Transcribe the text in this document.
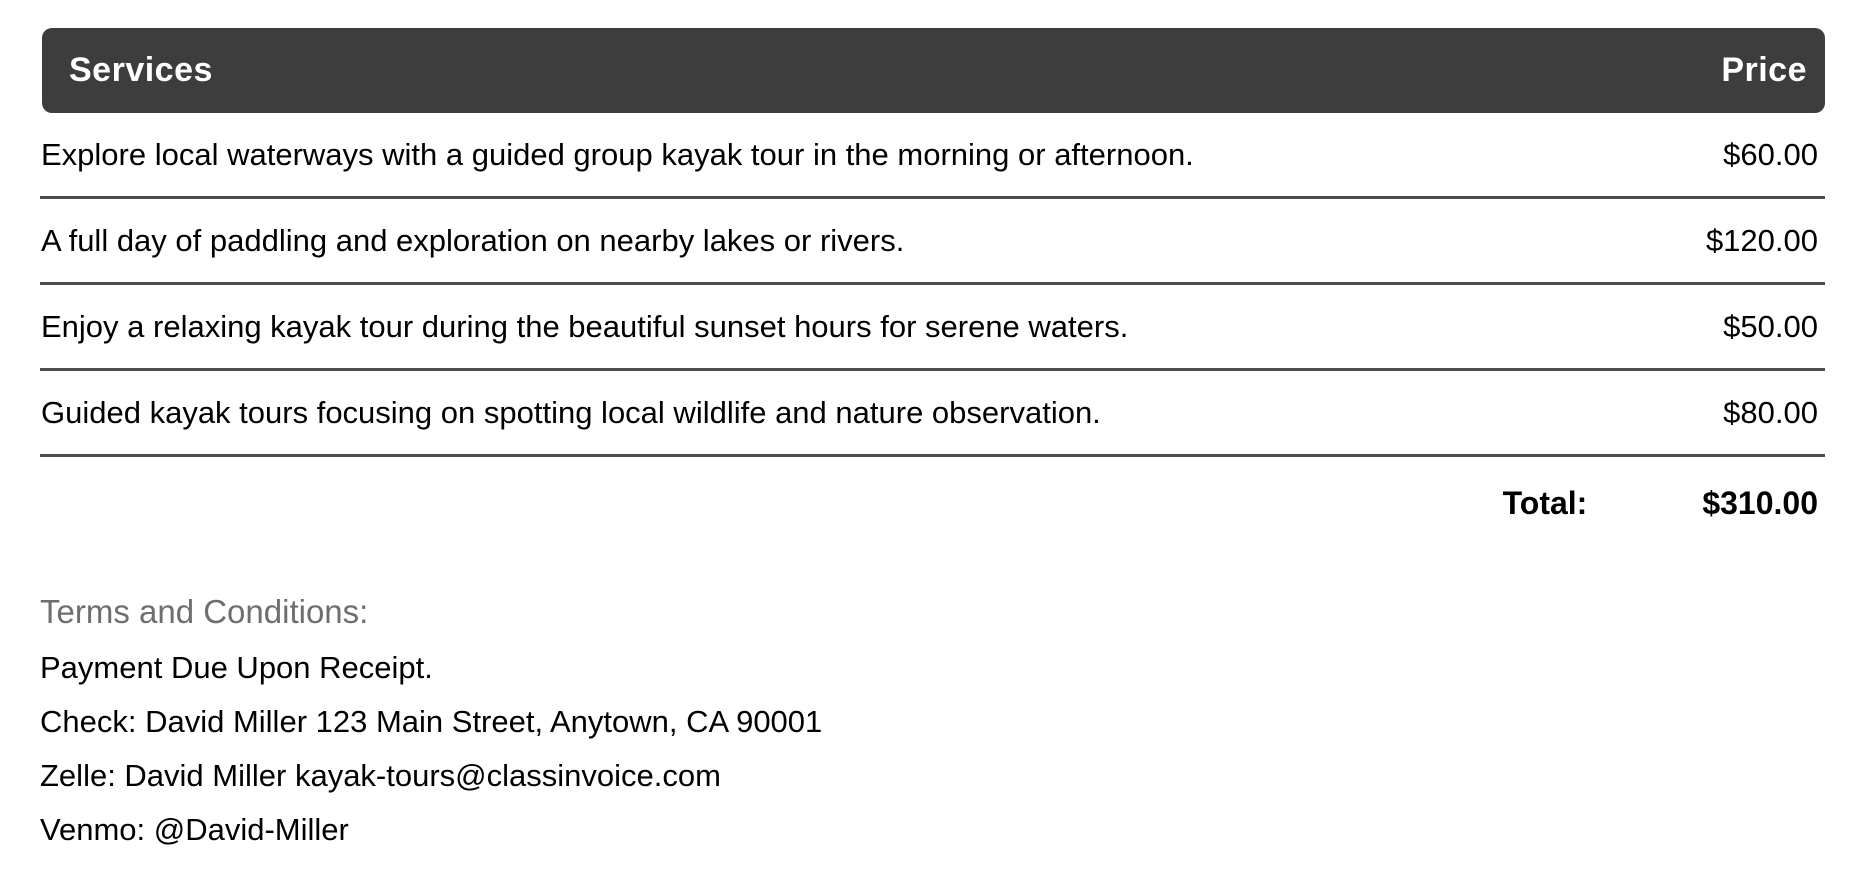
Services	Price
Explore local waterways with a guided group kayak tour in the morning or afternoon.	$60.00
A full day of paddling and exploration on nearby lakes or rivers.	$120.00
Enjoy a relaxing kayak tour during the beautiful sunset hours for serene waters.	$50.00
Guided kayak tours focusing on spotting local wildlife and nature observation.	$80.00
Total:	$310.00
Terms and Conditions:
Payment Due Upon Receipt.
Check: David Miller 123 Main Street, Anytown, CA 90001
Zelle: David Miller kayak-tours@classinvoice.com
Venmo: @David-Miller
